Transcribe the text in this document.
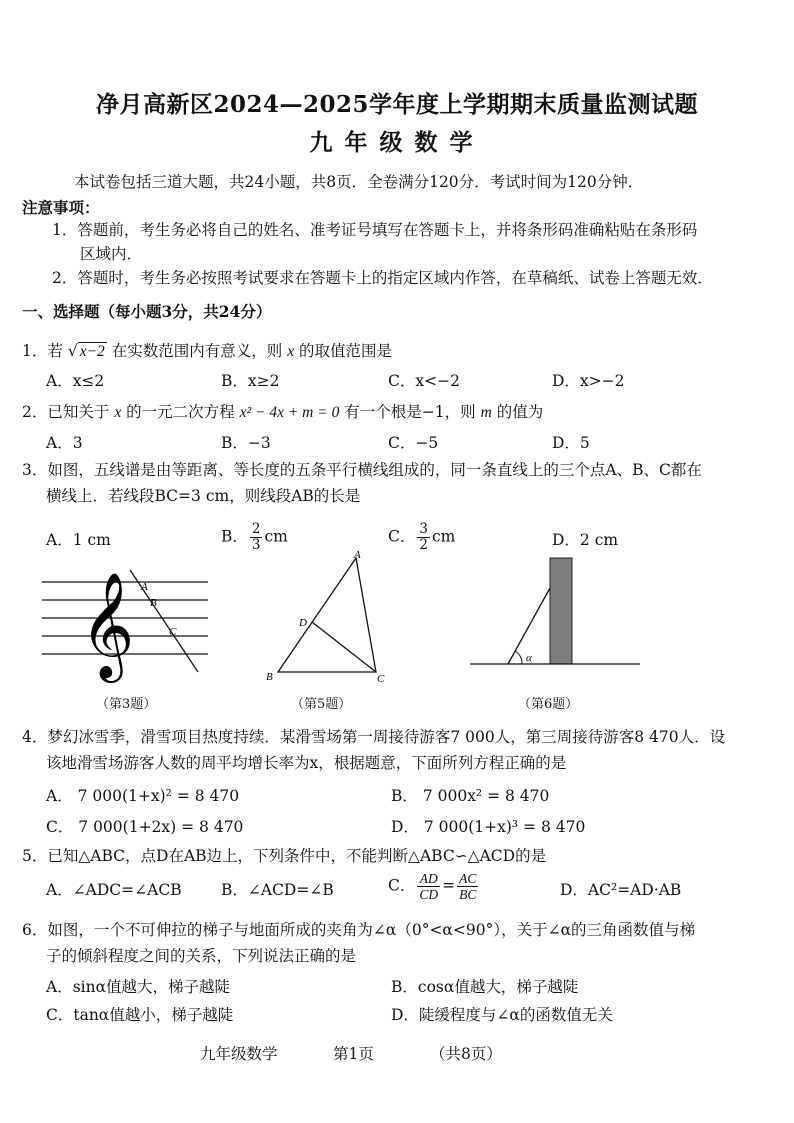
净月高新区2024—2025学年度上学期期末质量监测试题
九年级数学
本试卷包括三道大题，共24小题，共8页．全卷满分120分．考试时间为120分钟．
注意事项：
1．答题前，考生务必将自己的姓名、准考证号填写在答题卡上，并将条形码准确粘贴在条形码
区域内．
2．答题时，考生务必按照考试要求在答题卡上的指定区域内作答，在草稿纸、试卷上答题无效．
一、选择题（每小题3分，共24分）
1．若 √ x−2 在实数范围内有意义，则 x 的取值范围是
A．x≤2	B．x≥2	C．x<−2	D．x>−2
2．已知关于 x 的一元二次方程 x² − 4x + m = 0 有一个根是−1，则 m 的值为
A．3	B．−3	C．−5	D．5
3．如图，五线谱是由等距离、等长度的五条平行横线组成的，同一条直线上的三个点A、B、C都在
横线上．若线段BC=3 cm，则线段AB的长是
A．1 cm	B． $\frac{2}{3}$ cm	C． $\frac{3}{2}$ cm	D．2 cm
𝄞 A
B
C
（第3题）
A
D
B	C
（第5题）
α
（第6题）
4．梦幻冰雪季，滑雪项目热度持续．某滑雪场第一周接待游客7 000人，第三周接待游客8 470人．设
该地滑雪场游客人数的周平均增长率为x，根据题意，下面所列方程正确的是
A． 7 000(1+x)² = 8 470	B． 7 000x² = 8 470
C． 7 000(1+2x) = 8 470	D． 7 000(1+x)³ = 8 470
5．已知△ABC，点D在AB边上，下列条件中，不能判断△ABC∽△ACD的是
A．∠ADC=∠ACB	B．∠ACD=∠B	C． $\frac{AD}{CD} = \frac{AC}{BC}$	D．AC²=AD·AB
6．如图，一个不可伸拉的梯子与地面所成的夹角为∠α（0°<α<90°），关于∠α的三角函数值与梯
子的倾斜程度之间的关系，下列说法正确的是
A．sinα值越大，梯子越陡	B．cosα值越大，梯子越陡
C．tanα值越小，梯子越陡	D．陡缓程度与∠α的函数值无关
九年级数学	第1页	（共8页）
